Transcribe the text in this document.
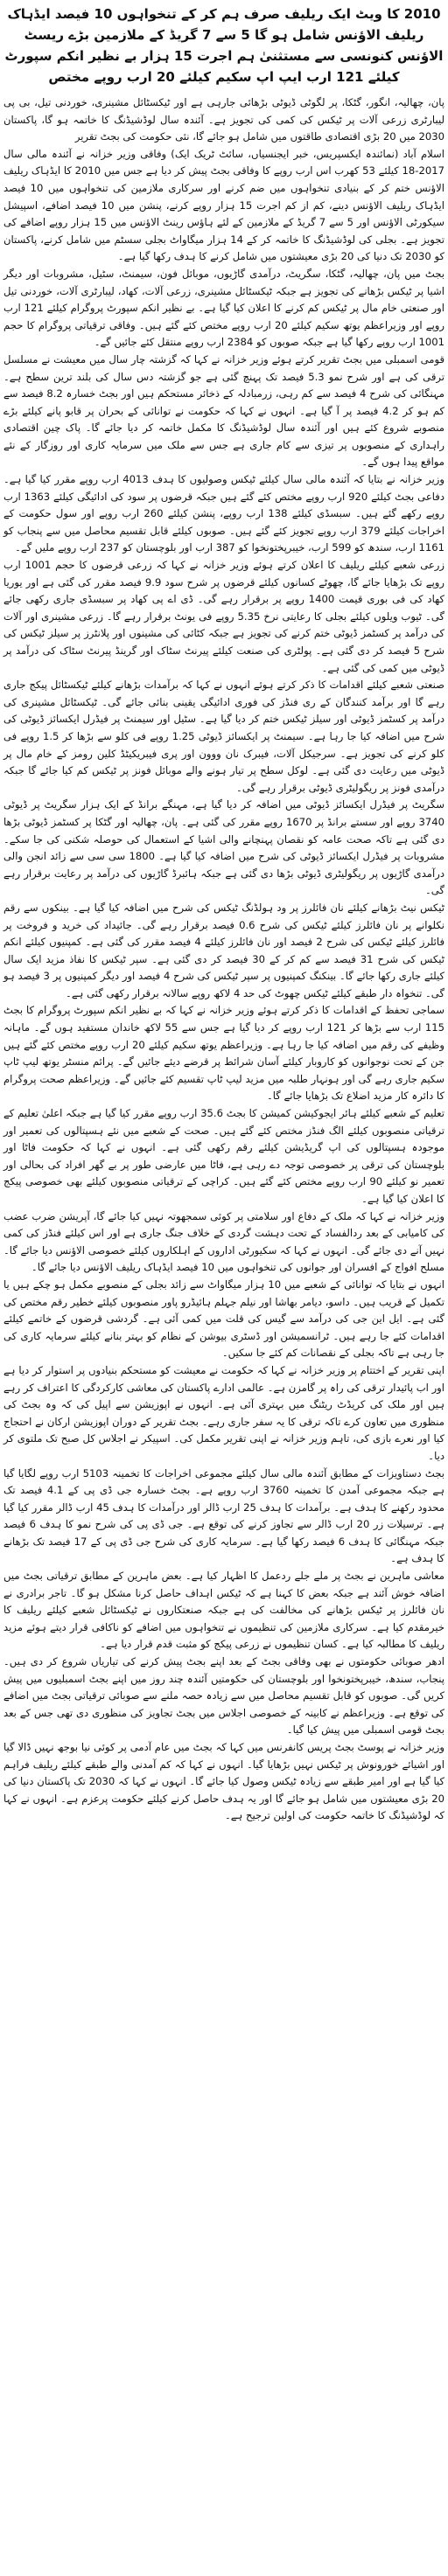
2010 کا ویٹ ایک ریلیف صرف ہم کر کے تنخواہوں 10 فیصد ایڈہاک ریلیف الاؤنس شامل ہو گا 5 سے 7 گریڈ کے ملازمین بڑے ریسٹ الاؤنس کنونسی سے مستثنیٰ ہم اجرت 15 ہزار بے نظیر انکم سپورٹ کیلئے 121 ارب ایپ اپ سکیم کیلئے 20 ارب روپے مختص

پان، چھالیہ، انگور، گٹکا، پر لگوٹی ڈیوٹی بڑھائی جارہی ہے اور ٹیکسٹائل مشینری، خوردنی تیل، بی پی لیبارٹری زرعی آلات پر ٹیکس کی کمی کی تجویز ہے۔ آئندہ سال لوڈشیڈنگ کا خاتمہ ہو گا، پاکستان 2030 میں 20 بڑی اقتصادی طاقتوں میں شامل ہو جائے گا، نئی حکومت کی بجٹ تقریر

اسلام آباد (نمائندہ ایکسپریس، خبر ایجنسیاں، سائٹ ٹریک ایک) وفاقی وزیر خزانہ نے آئندہ مالی سال 2017-18 کیلئے 53 کھرب اس ارب روپے کا وفاقی بجٹ پیش کر دیا ہے جس میں 2010 کا ایڈہاک ریلیف الاؤنس ختم کر کے بنیادی تنخواہوں میں ضم کرنے اور سرکاری ملازمین کی تنخواہوں میں 10 فیصد ایڈہاک ریلیف الاؤنس دینے، کم از کم اجرت 15 ہزار روپے کرنے، پنشن میں 10 فیصد اضافے، اسپیشل سیکورٹی الاؤنس اور 5 سے 7 گریڈ کے ملازمین کے لئے ہاؤس رینٹ الاؤنس میں 15 ہزار روپے اضافے کی تجویز ہے۔ بجلی کی لوڈشیڈنگ کا خاتمہ کر کے 14 ہزار میگاواٹ بجلی سسٹم میں شامل کرنے، پاکستان کو 2030 تک دنیا کی 20 بڑی معیشتوں میں شامل کرنے کا ہدف رکھا گیا ہے۔

بجٹ میں پان، چھالیہ، گٹکا، سگریٹ، درآمدی گاڑیوں، موبائل فون، سیمنٹ، سٹیل، مشروبات اور دیگر اشیا پر ٹیکس بڑھانے کی تجویز ہے جبکہ ٹیکسٹائل مشینری، زرعی آلات، کھاد، لیبارٹری آلات، خوردنی تیل اور صنعتی خام مال پر ٹیکس کم کرنے کا اعلان کیا گیا ہے۔ بے نظیر انکم سپورٹ پروگرام کیلئے 121 ارب روپے اور وزیراعظم یوتھ سکیم کیلئے 20 ارب روپے مختص کئے گئے ہیں۔ وفاقی ترقیاتی پروگرام کا حجم 1001 ارب روپے رکھا گیا ہے جبکہ صوبوں کو 2384 ارب روپے منتقل کئے جائیں گے۔

قومی اسمبلی میں بجٹ تقریر کرتے ہوئے وزیر خزانہ نے کہا کہ گزشتہ چار سال میں معیشت نے مسلسل ترقی کی ہے اور شرح نمو 5.3 فیصد تک پہنچ گئی ہے جو گزشتہ دس سال کی بلند ترین سطح ہے۔ مہنگائی کی شرح 4 فیصد سے کم رہی، زرمبادلہ کے ذخائر مستحکم ہیں اور بجٹ خسارہ 8.2 فیصد سے کم ہو کر 4.2 فیصد پر آ گیا ہے۔ انہوں نے کہا کہ حکومت نے توانائی کے بحران پر قابو پانے کیلئے بڑے منصوبے شروع کئے ہیں اور آئندہ سال لوڈشیڈنگ کا مکمل خاتمہ کر دیا جائے گا۔ پاک چین اقتصادی راہداری کے منصوبوں پر تیزی سے کام جاری ہے جس سے ملک میں سرمایہ کاری اور روزگار کے نئے مواقع پیدا ہوں گے۔

وزیر خزانہ نے بتایا کہ آئندہ مالی سال کیلئے ٹیکس وصولیوں کا ہدف 4013 ارب روپے مقرر کیا گیا ہے۔ دفاعی بجٹ کیلئے 920 ارب روپے مختص کئے گئے ہیں جبکہ قرضوں پر سود کی ادائیگی کیلئے 1363 ارب روپے رکھے گئے ہیں۔ سبسڈی کیلئے 138 ارب روپے، پنشن کیلئے 260 ارب روپے اور سول حکومت کے اخراجات کیلئے 379 ارب روپے تجویز کئے گئے ہیں۔ صوبوں کیلئے قابل تقسیم محاصل میں سے پنجاب کو 1161 ارب، سندھ کو 599 ارب، خیبرپختونخوا کو 387 ارب اور بلوچستان کو 237 ارب روپے ملیں گے۔

زرعی شعبے کیلئے ریلیف کا اعلان کرتے ہوئے وزیر خزانہ نے کہا کہ زرعی قرضوں کا حجم 1001 ارب روپے تک بڑھایا جائے گا، چھوٹے کسانوں کیلئے قرضوں پر شرح سود 9.9 فیصد مقرر کی گئی ہے اور یوریا کھاد کی فی بوری قیمت 1400 روپے پر برقرار رہے گی۔ ڈی اے پی کھاد پر سبسڈی جاری رکھی جائے گی۔ ٹیوب ویلوں کیلئے بجلی کا رعایتی نرخ 5.35 روپے فی یونٹ برقرار رہے گا۔ زرعی مشینری اور آلات کی درآمد پر کسٹمز ڈیوٹی ختم کرنے کی تجویز ہے جبکہ کٹائی کی مشینوں اور پلانٹرز پر سیلز ٹیکس کی شرح 5 فیصد کر دی گئی ہے۔ پولٹری کی صنعت کیلئے پیرنٹ سٹاک اور گرینڈ پیرنٹ سٹاک کی درآمد پر ڈیوٹی میں کمی کی گئی ہے۔

صنعتی شعبے کیلئے اقدامات کا ذکر کرتے ہوئے انہوں نے کہا کہ برآمدات بڑھانے کیلئے ٹیکسٹائل پیکج جاری رہے گا اور برآمد کنندگان کے ری فنڈز کی فوری ادائیگی یقینی بنائی جائے گی۔ ٹیکسٹائل مشینری کی درآمد پر کسٹمز ڈیوٹی اور سیلز ٹیکس ختم کر دیا گیا ہے۔ سٹیل اور سیمنٹ پر فیڈرل ایکسائز ڈیوٹی کی شرح میں اضافہ کیا جا رہا ہے۔ سیمنٹ پر ایکسائز ڈیوٹی 1.25 روپے فی کلو سے بڑھا کر 1.5 روپے فی کلو کرنے کی تجویز ہے۔ سرجیکل آلات، فیبرک نان ووون اور پری فیبریکیٹڈ کلین رومز کے خام مال پر ڈیوٹی میں رعایت دی گئی ہے۔ لوکل سطح پر تیار ہونے والے موبائل فونز پر ٹیکس کم کیا جائے گا جبکہ درآمدی فونز پر ریگولیٹری ڈیوٹی برقرار رہے گی۔

سگریٹ پر فیڈرل ایکسائز ڈیوٹی میں اضافہ کر دیا گیا ہے، مہنگے برانڈ کے ایک ہزار سگریٹ پر ڈیوٹی 3740 روپے اور سستے برانڈ پر 1670 روپے مقرر کی گئی ہے۔ پان، چھالیہ اور گٹکا پر کسٹمز ڈیوٹی بڑھا دی گئی ہے تاکہ صحت عامہ کو نقصان پہنچانے والی اشیا کے استعمال کی حوصلہ شکنی کی جا سکے۔ مشروبات پر فیڈرل ایکسائز ڈیوٹی کی شرح میں اضافہ کیا گیا ہے۔ 1800 سی سی سے زائد انجن والی درآمدی گاڑیوں پر ریگولیٹری ڈیوٹی بڑھا دی گئی ہے جبکہ ہائبرڈ گاڑیوں کی درآمد پر رعایت برقرار رہے گی۔

ٹیکس نیٹ بڑھانے کیلئے نان فائلرز پر ود ہولڈنگ ٹیکس کی شرح میں اضافہ کیا گیا ہے۔ بینکوں سے رقم نکلوانے پر نان فائلرز کیلئے ٹیکس کی شرح 0.6 فیصد برقرار رہے گی۔ جائیداد کی خرید و فروخت پر فائلرز کیلئے ٹیکس کی شرح 2 فیصد اور نان فائلرز کیلئے 4 فیصد مقرر کی گئی ہے۔ کمپنیوں کیلئے انکم ٹیکس کی شرح 31 فیصد سے کم کر کے 30 فیصد کر دی گئی ہے۔ سپر ٹیکس کا نفاذ مزید ایک سال کیلئے جاری رکھا جائے گا۔ بینکنگ کمپنیوں پر سپر ٹیکس کی شرح 4 فیصد اور دیگر کمپنیوں پر 3 فیصد ہو گی۔ تنخواہ دار طبقے کیلئے ٹیکس چھوٹ کی حد 4 لاکھ روپے سالانہ برقرار رکھی گئی ہے۔

سماجی تحفظ کے اقدامات کا ذکر کرتے ہوئے وزیر خزانہ نے کہا کہ بے نظیر انکم سپورٹ پروگرام کا بجٹ 115 ارب سے بڑھا کر 121 ارب روپے کر دیا گیا ہے جس سے 55 لاکھ خاندان مستفید ہوں گے۔ ماہانہ وظیفے کی رقم میں اضافہ کیا جا رہا ہے۔ وزیراعظم یوتھ سکیم کیلئے 20 ارب روپے مختص کئے گئے ہیں جن کے تحت نوجوانوں کو کاروبار کیلئے آسان شرائط پر قرضے دیئے جائیں گے۔ پرائم منسٹر یوتھ لیپ ٹاپ سکیم جاری رہے گی اور ہونہار طلبہ میں مزید لیپ ٹاپ تقسیم کئے جائیں گے۔ وزیراعظم صحت پروگرام کا دائرہ کار مزید اضلاع تک بڑھایا جائے گا۔

تعلیم کے شعبے کیلئے ہائر ایجوکیشن کمیشن کا بجٹ 35.6 ارب روپے مقرر کیا گیا ہے جبکہ اعلیٰ تعلیم کے ترقیاتی منصوبوں کیلئے الگ فنڈز مختص کئے گئے ہیں۔ صحت کے شعبے میں نئے ہسپتالوں کی تعمیر اور موجودہ ہسپتالوں کی اپ گریڈیشن کیلئے رقم رکھی گئی ہے۔ انہوں نے کہا کہ حکومت فاٹا اور بلوچستان کی ترقی پر خصوصی توجہ دے رہی ہے، فاٹا میں عارضی طور پر بے گھر افراد کی بحالی اور تعمیر نو کیلئے 90 ارب روپے مختص کئے گئے ہیں۔ کراچی کے ترقیاتی منصوبوں کیلئے بھی خصوصی پیکج کا اعلان کیا گیا ہے۔

وزیر خزانہ نے کہا کہ ملک کے دفاع اور سلامتی پر کوئی سمجھوتہ نہیں کیا جائے گا، آپریشن ضرب عضب کی کامیابی کے بعد ردالفساد کے تحت دہشت گردی کے خلاف جنگ جاری ہے اور اس کیلئے فنڈز کی کمی نہیں آنے دی جائے گی۔ انہوں نے کہا کہ سکیورٹی اداروں کے اہلکاروں کیلئے خصوصی الاؤنس دیا جائے گا۔ مسلح افواج کے افسران اور جوانوں کی تنخواہوں میں 10 فیصد ایڈہاک ریلیف الاؤنس دیا جائے گا۔

انہوں نے بتایا کہ توانائی کے شعبے میں 10 ہزار میگاواٹ سے زائد بجلی کے منصوبے مکمل ہو چکے ہیں یا تکمیل کے قریب ہیں۔ داسو، دیامر بھاشا اور نیلم جہلم ہائیڈرو پاور منصوبوں کیلئے خطیر رقم مختص کی گئی ہے۔ ایل این جی کی درآمد سے گیس کی قلت میں کمی آئی ہے۔ گردشی قرضوں کے خاتمے کیلئے اقدامات کئے جا رہے ہیں۔ ٹرانسمیشن اور ڈسٹری بیوشن کے نظام کو بہتر بنانے کیلئے سرمایہ کاری کی جا رہی ہے تاکہ بجلی کے نقصانات کم کئے جا سکیں۔

اپنی تقریر کے اختتام پر وزیر خزانہ نے کہا کہ حکومت نے معیشت کو مستحکم بنیادوں پر استوار کر دیا ہے اور اب پائیدار ترقی کی راہ پر گامزن ہے۔ عالمی ادارے پاکستان کی معاشی کارکردگی کا اعتراف کر رہے ہیں اور ملک کی کریڈٹ ریٹنگ میں بہتری آئی ہے۔ انہوں نے اپوزیشن سے اپیل کی کہ وہ بجٹ کی منظوری میں تعاون کرے تاکہ ترقی کا یہ سفر جاری رہے۔ بجٹ تقریر کے دوران اپوزیشن ارکان نے احتجاج کیا اور نعرے بازی کی، تاہم وزیر خزانہ نے اپنی تقریر مکمل کی۔ اسپیکر نے اجلاس کل صبح تک ملتوی کر دیا۔

بجٹ دستاویزات کے مطابق آئندہ مالی سال کیلئے مجموعی اخراجات کا تخمینہ 5103 ارب روپے لگایا گیا ہے جبکہ مجموعی آمدن کا تخمینہ 3760 ارب روپے ہے۔ بجٹ خسارہ جی ڈی پی کے 4.1 فیصد تک محدود رکھنے کا ہدف ہے۔ برآمدات کا ہدف 25 ارب ڈالر اور درآمدات کا ہدف 45 ارب ڈالر مقرر کیا گیا ہے۔ ترسیلات زر 20 ارب ڈالر سے تجاوز کرنے کی توقع ہے۔ جی ڈی پی کی شرح نمو کا ہدف 6 فیصد جبکہ مہنگائی کا ہدف 6 فیصد رکھا گیا ہے۔ سرمایہ کاری کی شرح جی ڈی پی کے 17 فیصد تک بڑھانے کا ہدف ہے۔

معاشی ماہرین نے بجٹ پر ملے جلے ردعمل کا اظہار کیا ہے۔ بعض ماہرین کے مطابق ترقیاتی بجٹ میں اضافہ خوش آئند ہے جبکہ بعض کا کہنا ہے کہ ٹیکس اہداف حاصل کرنا مشکل ہو گا۔ تاجر برادری نے نان فائلرز پر ٹیکس بڑھانے کی مخالفت کی ہے جبکہ صنعتکاروں نے ٹیکسٹائل شعبے کیلئے ریلیف کا خیرمقدم کیا ہے۔ سرکاری ملازمین کی تنظیموں نے تنخواہوں میں اضافے کو ناکافی قرار دیتے ہوئے مزید ریلیف کا مطالبہ کیا ہے۔ کسان تنظیموں نے زرعی پیکج کو مثبت قدم قرار دیا ہے۔

ادھر صوبائی حکومتوں نے بھی وفاقی بجٹ کے بعد اپنے بجٹ پیش کرنے کی تیاریاں شروع کر دی ہیں۔ پنجاب، سندھ، خیبرپختونخوا اور بلوچستان کی حکومتیں آئندہ چند روز میں اپنے بجٹ اسمبلیوں میں پیش کریں گی۔ صوبوں کو قابل تقسیم محاصل میں سے زیادہ حصہ ملنے سے صوبائی ترقیاتی بجٹ میں اضافے کی توقع ہے۔ وزیراعظم نے کابینہ کے خصوصی اجلاس میں بجٹ تجاویز کی منظوری دی تھی جس کے بعد بجٹ قومی اسمبلی میں پیش کیا گیا۔

وزیر خزانہ نے پوسٹ بجٹ پریس کانفرنس میں کہا کہ بجٹ میں عام آدمی پر کوئی نیا بوجھ نہیں ڈالا گیا اور اشیائے خورونوش پر ٹیکس نہیں بڑھایا گیا۔ انہوں نے کہا کہ کم آمدنی والے طبقے کیلئے ریلیف فراہم کیا گیا ہے اور امیر طبقے سے زیادہ ٹیکس وصول کیا جائے گا۔ انہوں نے کہا کہ 2030 تک پاکستان دنیا کی 20 بڑی معیشتوں میں شامل ہو جائے گا اور یہ ہدف حاصل کرنے کیلئے حکومت پرعزم ہے۔ انہوں نے کہا کہ لوڈشیڈنگ کا خاتمہ حکومت کی اولین ترجیح ہے۔
